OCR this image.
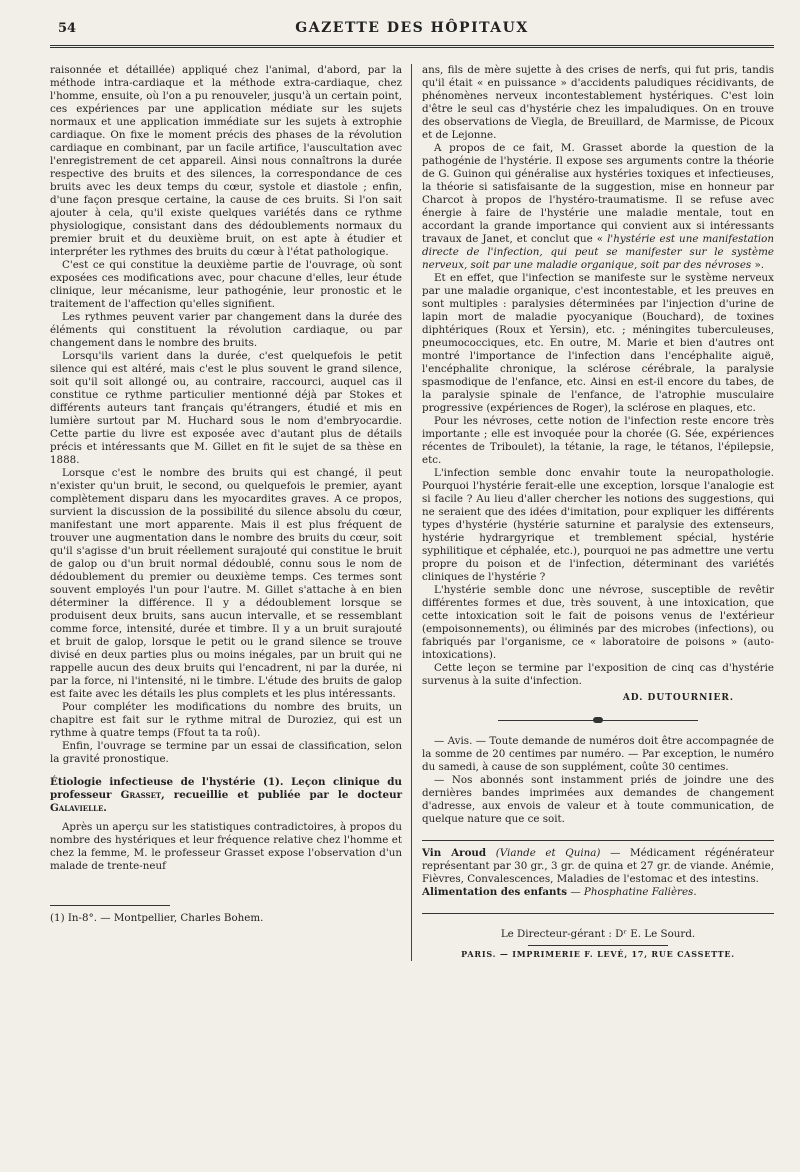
54	GAZETTE DES HÔPITAUX

raisonnée et détaillée) appliqué chez l'animal, d'abord, par la méthode intra-cardiaque et la méthode extra-cardiaque, chez l'homme, ensuite, où l'on a pu renouveler, jusqu'à un certain point, ces expériences par une application médiate sur les sujets normaux et une application immédiate sur les sujets à extrophie cardiaque. On fixe le moment précis des phases de la révolution cardiaque en combinant, par un facile artifice, l'auscultation avec l'enregistrement de cet appareil. Ainsi nous connaîtrons la durée respective des bruits et des silences, la correspondance de ces bruits avec les deux temps du cœur, systole et diastole ; enfin, d'une façon presque certaine, la cause de ces bruits. Si l'on sait ajouter à cela, qu'il existe quelques variétés dans ce rythme physiologique, consistant dans des dédoublements normaux du premier bruit et du deuxième bruit, on est apte à étudier et interpréter les rythmes des bruits du cœur à l'état pathologique.

C'est ce qui constitue la deuxième partie de l'ouvrage, où sont exposées ces modifications avec, pour chacune d'elles, leur étude clinique, leur mécanisme, leur pathogénie, leur pronostic et le traitement de l'affection qu'elles signifient.

Les rythmes peuvent varier par changement dans la durée des éléments qui constituent la révolution cardiaque, ou par changement dans le nombre des bruits.

Lorsqu'ils varient dans la durée, c'est quelquefois le petit silence qui est altéré, mais c'est le plus souvent le grand silence, soit qu'il soit allongé ou, au contraire, raccourci, auquel cas il constitue ce rythme particulier mentionné déjà par Stokes et différents auteurs tant français qu'étrangers, étudié et mis en lumière surtout par M. Huchard sous le nom d'embryocardie. Cette partie du livre est exposée avec d'autant plus de détails précis et intéressants que M. Gillet en fit le sujet de sa thèse en 1888.

Lorsque c'est le nombre des bruits qui est changé, il peut n'exister qu'un bruit, le second, ou quelquefois le premier, ayant complètement disparu dans les myocardites graves. A ce propos, survient la discussion de la possibilité du silence absolu du cœur, manifestant une mort apparente. Mais il est plus fréquent de trouver une augmentation dans le nombre des bruits du cœur, soit qu'il s'agisse d'un bruit réellement surajouté qui constitue le bruit de galop ou d'un bruit normal dédoublé, connu sous le nom de dédoublement du premier ou deuxième temps. Ces termes sont souvent employés l'un pour l'autre. M. Gillet s'attache à en bien déterminer la différence. Il y a dédoublement lorsque se produisent deux bruits, sans aucun intervalle, et se ressemblant comme force, intensité, durée et timbre. Il y a un bruit surajouté et bruit de galop, lorsque le petit ou le grand silence se trouve divisé en deux parties plus ou moins inégales, par un bruit qui ne rappelle aucun des deux bruits qui l'encadrent, ni par la durée, ni par la force, ni l'intensité, ni le timbre. L'étude des bruits de galop est faite avec les détails les plus complets et les plus intéressants.

Pour compléter les modifications du nombre des bruits, un chapitre est fait sur le rythme mitral de Duroziez, qui est un rythme à quatre temps (Ffout ta ta roû).

Enfin, l'ouvrage se termine par un essai de classification, selon la gravité pronostique.

Étiologie infectieuse de l'hystérie (1). Leçon clinique du professeur Grasset, recueillie et publiée par le docteur Galavielle.

Après un aperçu sur les statistiques contradictoires, à propos du nombre des hystériques et leur fréquence relative chez l'homme et chez la femme, M. le professeur Grasset expose l'observation d'un malade de trente-neuf

(1) In-8°. — Montpellier, Charles Bohem.

ans, fils de mère sujette à des crises de nerfs, qui fut pris, tandis qu'il était « en puissance » d'accidents paludiques récidivants, de phénomènes nerveux incontestablement hystériques. C'est loin d'être le seul cas d'hystérie chez les impaludiques. On en trouve des observations de Viegla, de Breuillard, de Marmisse, de Picoux et de Lejonne.

A propos de ce fait, M. Grasset aborde la question de la pathogénie de l'hystérie. Il expose ses arguments contre la théorie de G. Guinon qui généralise aux hystéries toxiques et infectieuses, la théorie si satisfaisante de la suggestion, mise en honneur par Charcot à propos de l'hystéro-traumatisme. Il se refuse avec énergie à faire de l'hystérie une maladie mentale, tout en accordant la grande importance qui convient aux si intéressants travaux de Janet, et conclut que « l'hystérie est une manifestation directe de l'infection, qui peut se manifester sur le système nerveux, soit par une maladie organique, soit par des névroses ».

Et en effet, que l'infection se manifeste sur le système nerveux par une maladie organique, c'est incontestable, et les preuves en sont multiples : paralysies déterminées par l'injection d'urine de lapin mort de maladie pyocyanique (Bouchard), de toxines diphtériques (Roux et Yersin), etc. ; méningites tuberculeuses, pneumococciques, etc. En outre, M. Marie et bien d'autres ont montré l'importance de l'infection dans l'encéphalite aiguë, l'encéphalite chronique, la sclérose cérébrale, la paralysie spasmodique de l'enfance, etc. Ainsi en est-il encore du tabes, de la paralysie spinale de l'enfance, de l'atrophie musculaire progressive (expériences de Roger), la sclérose en plaques, etc.

Pour les névroses, cette notion de l'infection reste encore très importante ; elle est invoquée pour la chorée (G. Sée, expériences récentes de Triboulet), la tétanie, la rage, le tétanos, l'épilepsie, etc.

L'infection semble donc envahir toute la neuropathologie. Pourquoi l'hystérie ferait-elle une exception, lorsque l'analogie est si facile ? Au lieu d'aller chercher les notions des suggestions, qui ne seraient que des idées d'imitation, pour expliquer les différents types d'hystérie (hystérie saturnine et paralysie des extenseurs, hystérie hydrargyrique et tremblement spécial, hystérie syphilitique et céphalée, etc.), pourquoi ne pas admettre une vertu propre du poison et de l'infection, déterminant des variétés cliniques de l'hystérie ?

L'hystérie semble donc une névrose, susceptible de revêtir différentes formes et due, très souvent, à une intoxication, que cette intoxication soit le fait de poisons venus de l'extérieur (empoisonnements), ou éliminés par des microbes (infections), ou fabriqués par l'organisme, ce « laboratoire de poisons » (auto-intoxications).

Cette leçon se termine par l'exposition de cinq cas d'hystérie survenus à la suite d'infection.

AD. DUTOURNIER.

— Avis. — Toute demande de numéros doit être accompagnée de la somme de 20 centimes par numéro. — Par exception, le numéro du samedi, à cause de son supplément, coûte 30 centimes.

— Nos abonnés sont instamment priés de joindre une des dernières bandes imprimées aux demandes de changement d'adresse, aux envois de valeur et à toute communication, de quelque nature que ce soit.

Vin Aroud (Viande et Quina) — Médicament régénérateur représentant par 30 gr., 3 gr. de quina et 27 gr. de viande. Anémie, Fièvres, Convalescences, Maladies de l'estomac et des intestins.

Alimentation des enfants — Phosphatine Falières.

Le Directeur-gérant : Dʳ E. Le Sourd.

PARIS. — IMPRIMERIE F. LEVÉ, 17, RUE CASSETTE.
